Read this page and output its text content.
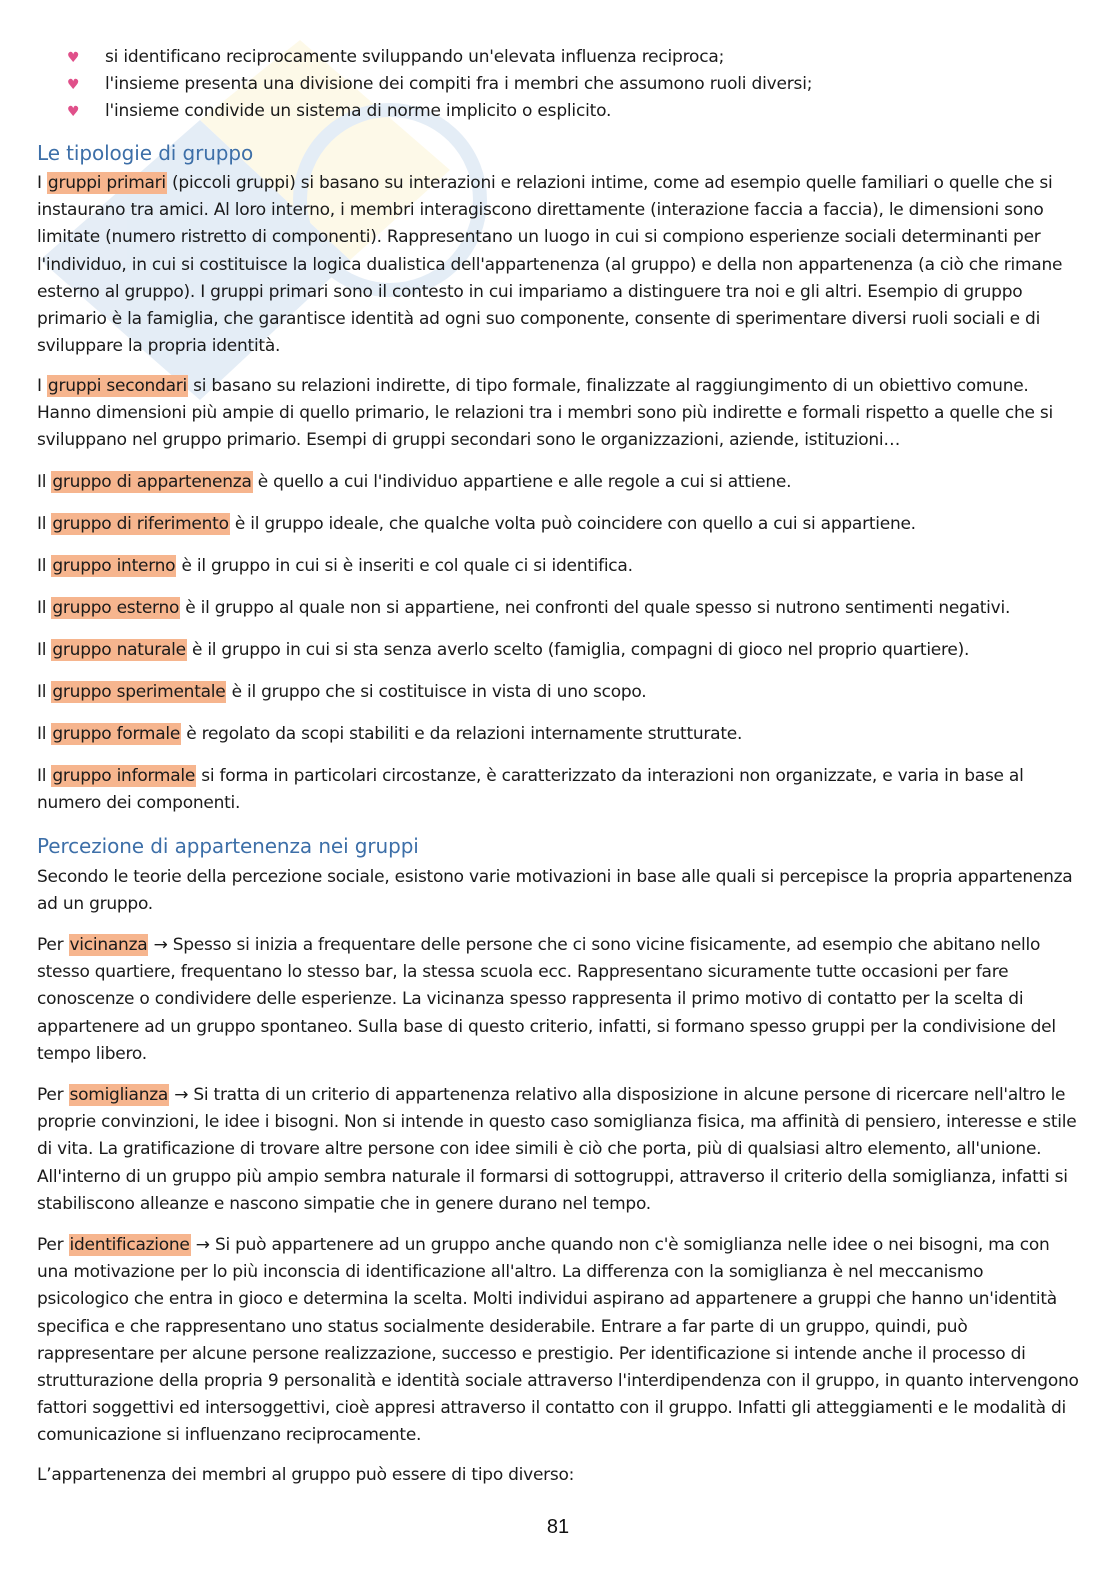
♥ si identificano reciprocamente sviluppando un'elevata influenza reciproca;
♥ l'insieme presenta una divisione dei compiti fra i membri che assumono ruoli diversi;
♥ l'insieme condivide un sistema di norme implicito o esplicito.
Le tipologie di gruppo

I gruppi primari (piccoli gruppi) si basano su interazioni e relazioni intime, come ad esempio quelle familiari o quelle che si instaurano tra amici. Al loro interno, i membri interagiscono direttamente (interazione faccia a faccia), le dimensioni sono limitate (numero ristretto di componenti). Rappresentano un luogo in cui si compiono esperienze sociali determinanti per l'individuo, in cui si costituisce la logica dualistica dell'appartenenza (al gruppo) e della non appartenenza (a ciò che rimane esterno al gruppo). I gruppi primari sono il contesto in cui impariamo a distinguere tra noi e gli altri. Esempio di gruppo primario è la famiglia, che garantisce identità ad ogni suo componente, consente di sperimentare diversi ruoli sociali e di sviluppare la propria identità.

I gruppi secondari si basano su relazioni indirette, di tipo formale, finalizzate al raggiungimento di un obiettivo comune. Hanno dimensioni più ampie di quello primario, le relazioni tra i membri sono più indirette e formali rispetto a quelle che si sviluppano nel gruppo primario. Esempi di gruppi secondari sono le organizzazioni, aziende, istituzioni…

Il gruppo di appartenenza è quello a cui l'individuo appartiene e alle regole a cui si attiene.

Il gruppo di riferimento è il gruppo ideale, che qualche volta può coincidere con quello a cui si appartiene.

Il gruppo interno è il gruppo in cui si è inseriti e col quale ci si identifica.

Il gruppo esterno è il gruppo al quale non si appartiene, nei confronti del quale spesso si nutrono sentimenti negativi.

Il gruppo naturale è il gruppo in cui si sta senza averlo scelto (famiglia, compagni di gioco nel proprio quartiere).

Il gruppo sperimentale è il gruppo che si costituisce in vista di uno scopo.

Il gruppo formale è regolato da scopi stabiliti e da relazioni internamente strutturate.

Il gruppo informale si forma in particolari circostanze, è caratterizzato da interazioni non organizzate, e varia in base al numero dei componenti.

Percezione di appartenenza nei gruppi

Secondo le teorie della percezione sociale, esistono varie motivazioni in base alle quali si percepisce la propria appartenenza ad un gruppo.

Per vicinanza → Spesso si inizia a frequentare delle persone che ci sono vicine fisicamente, ad esempio che abitano nello stesso quartiere, frequentano lo stesso bar, la stessa scuola ecc. Rappresentano sicuramente tutte occasioni per fare conoscenze o condividere delle esperienze. La vicinanza spesso rappresenta il primo motivo di contatto per la scelta di appartenere ad un gruppo spontaneo. Sulla base di questo criterio, infatti, si formano spesso gruppi per la condivisione del tempo libero.

Per somiglianza → Si tratta di un criterio di appartenenza relativo alla disposizione in alcune persone di ricercare nell'altro le proprie convinzioni, le idee i bisogni. Non si intende in questo caso somiglianza fisica, ma affinità di pensiero, interesse e stile di vita. La gratificazione di trovare altre persone con idee simili è ciò che porta, più di qualsiasi altro elemento, all'unione. All'interno di un gruppo più ampio sembra naturale il formarsi di sottogruppi, attraverso il criterio della somiglianza, infatti si stabiliscono alleanze e nascono simpatie che in genere durano nel tempo.

Per identificazione → Si può appartenere ad un gruppo anche quando non c'è somiglianza nelle idee o nei bisogni, ma con una motivazione per lo più inconscia di identificazione all'altro. La differenza con la somiglianza è nel meccanismo psicologico che entra in gioco e determina la scelta. Molti individui aspirano ad appartenere a gruppi che hanno un'identità specifica e che rappresentano uno status socialmente desiderabile. Entrare a far parte di un gruppo, quindi, può rappresentare per alcune persone realizzazione, successo e prestigio. Per identificazione si intende anche il processo di strutturazione della propria 9 personalità e identità sociale attraverso l'interdipendenza con il gruppo, in quanto intervengono fattori soggettivi ed intersoggettivi, cioè appresi attraverso il contatto con il gruppo. Infatti gli atteggiamenti e le modalità di comunicazione si influenzano reciprocamente.

L’appartenenza dei membri al gruppo può essere di tipo diverso:

81
